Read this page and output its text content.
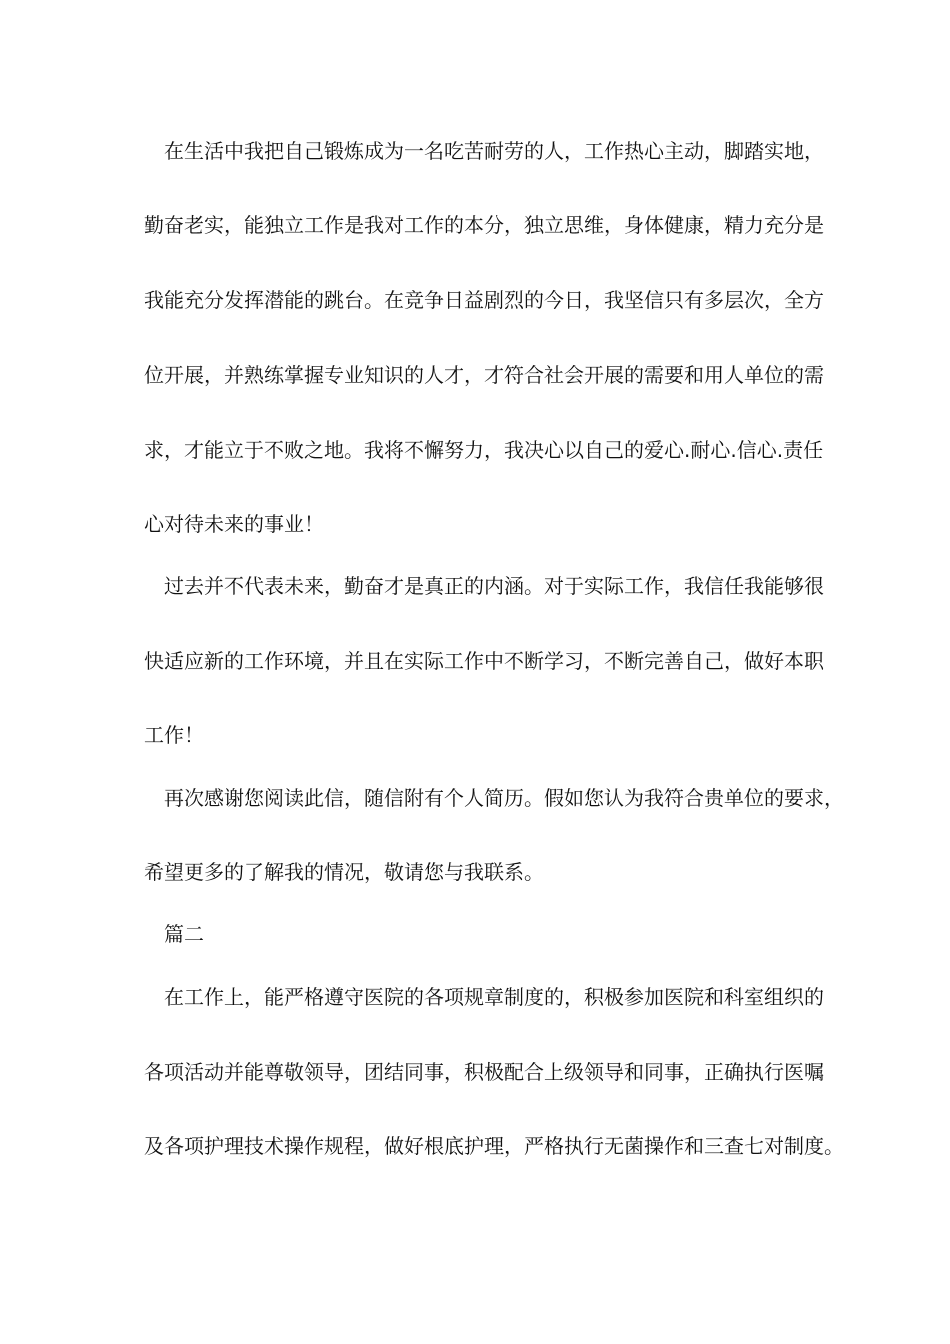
在生活中我把自己锻炼成为一名吃苦耐劳的人，工作热心主动，脚踏实地，
勤奋老实，能独立工作是我对工作的本分，独立思维，身体健康，精力充分是
我能充分发挥潜能的跳台。在竞争日益剧烈的今日，我坚信只有多层次，全方
位开展，并熟练掌握专业知识的人才，才符合社会开展的需要和用人单位的需
求，才能立于不败之地。我将不懈努力，我决心以自己的爱心.耐心.信心.责任
心对待未来的事业！
过去并不代表未来，勤奋才是真正的内涵。对于实际工作，我信任我能够很
快适应新的工作环境，并且在实际工作中不断学习，不断完善自己，做好本职
工作！
再次感谢您阅读此信，随信附有个人简历。假如您认为我符合贵单位的要求，
希望更多的了解我的情况，敬请您与我联系。
篇二
在工作上，能严格遵守医院的各项规章制度的，积极参加医院和科室组织的
各项活动并能尊敬领导，团结同事，积极配合上级领导和同事，正确执行医嘱
及各项护理技术操作规程，做好根底护理，严格执行无菌操作和三查七对制度。
